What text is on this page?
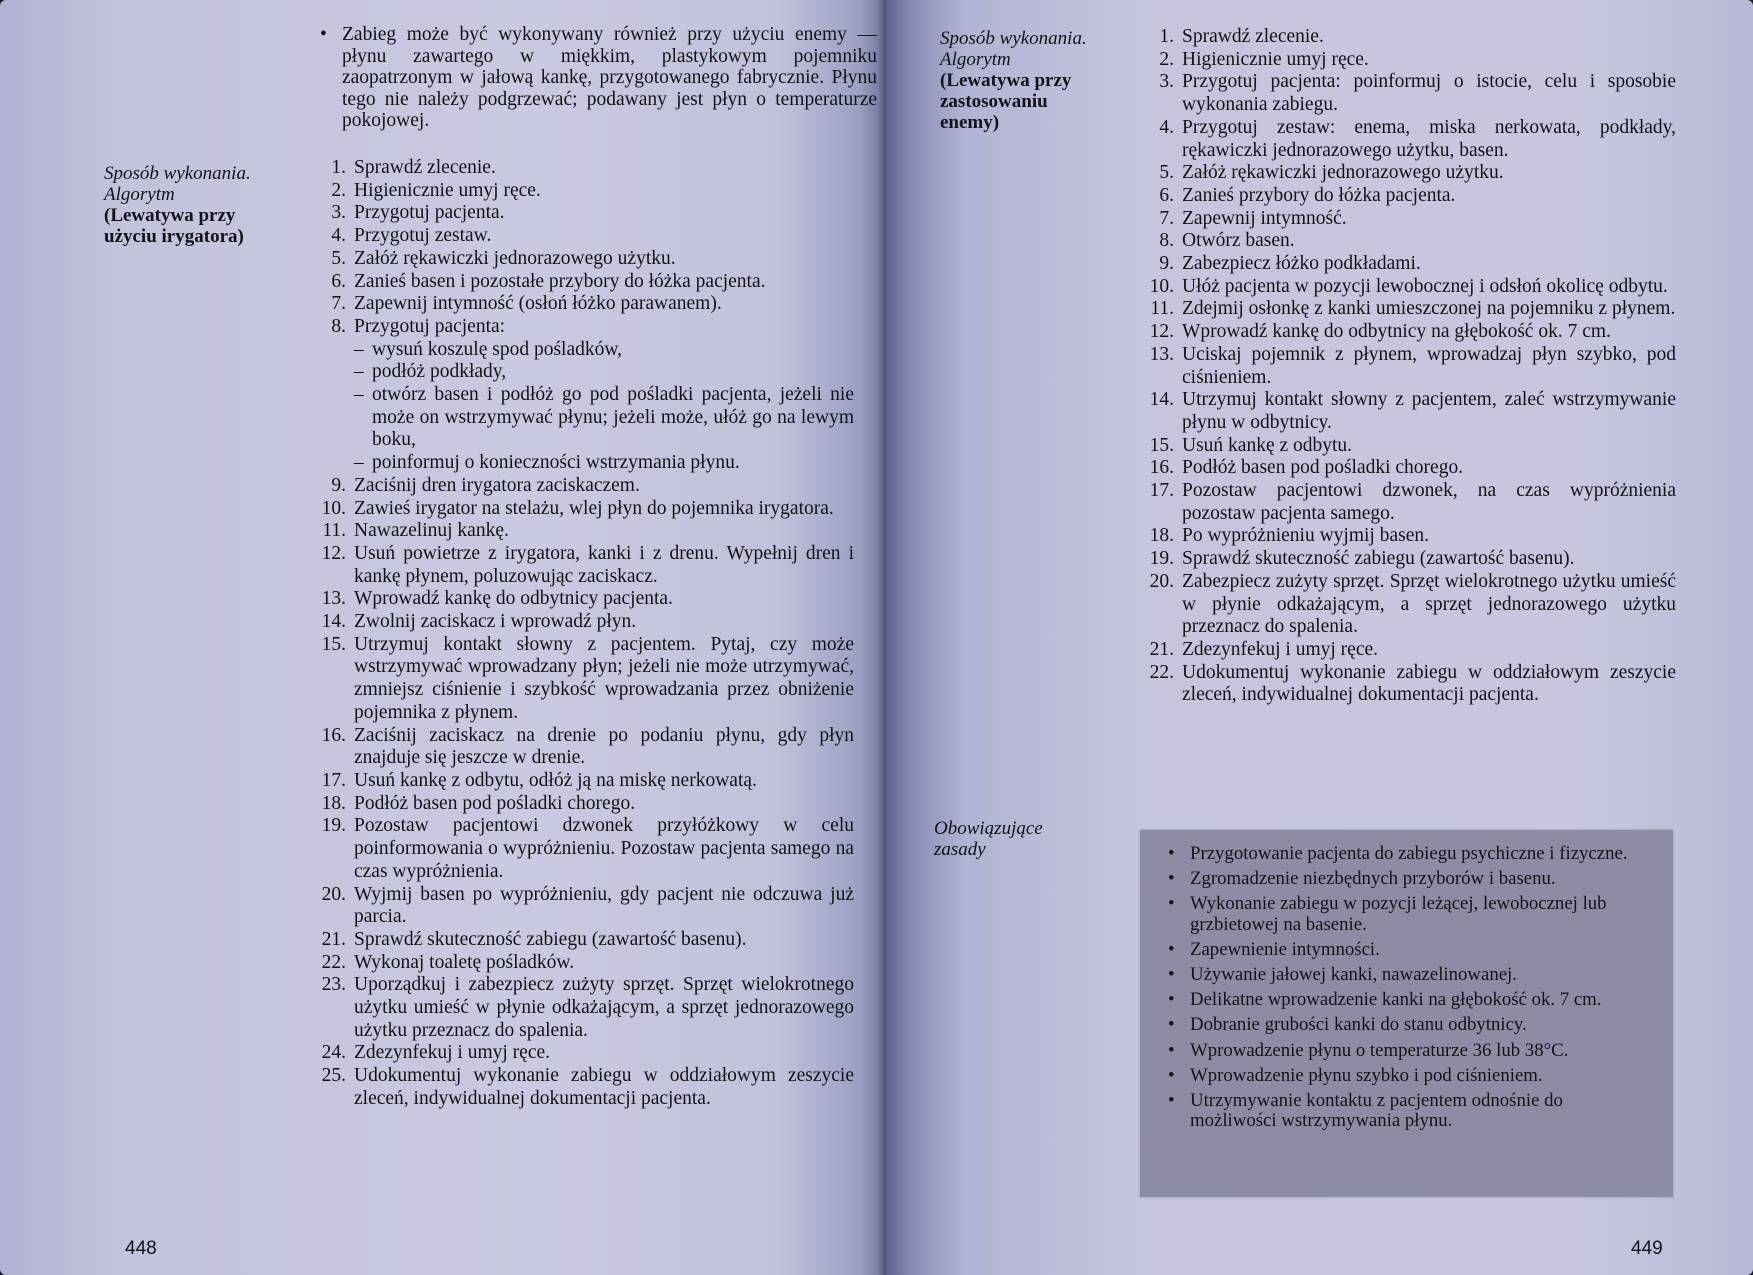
• Zabieg może być wykonywany również przy użyciu enemy — płynu zawartego w miękkim, plastykowym pojemniku zaopatrzonym w jałową kankę, przygotowanego fabrycznie. Płynu tego nie należy podgrzewać; podawany jest płyn o temperaturze pokojowej.
Sposób wykonania.
Algorytm
(Lewatywa przy
użyciu irygatora)
1. Sprawdź zlecenie.
2. Higienicznie umyj ręce.
3. Przygotuj pacjenta.
4. Przygotuj zestaw.
5. Załóż rękawiczki jednorazowego użytku.
6. Zanieś basen i pozostałe przybory do łóżka pacjenta.
7. Zapewnij intymność (osłoń łóżko parawanem).
8. Przygotuj pacjenta:
– wysuń koszulę spod pośladków,
– podłóż podkłady,
– otwórz basen i podłóż go pod pośladki pacjenta, jeżeli nie może on wstrzymywać płynu; jeżeli może, ułóż go na lewym boku,
– poinformuj o konieczności wstrzymania płynu.
9. Zaciśnij dren irygatora zaciskaczem.
10. Zawieś irygator na stelażu, wlej płyn do pojemnika irygatora.
11. Nawazelinuj kankę.
12. Usuń powietrze z irygatora, kanki i z drenu. Wypełnij dren i kankę płynem, poluzowując zaciskacz.
13. Wprowadź kankę do odbytnicy pacjenta.
14. Zwolnij zaciskacz i wprowadź płyn.
15. Utrzymuj kontakt słowny z pacjentem. Pytaj, czy może wstrzymywać wprowadzany płyn; jeżeli nie może utrzymywać, zmniejsz ciśnienie i szybkość wprowadzania przez obniżenie pojemnika z płynem.
16. Zaciśnij zaciskacz na drenie po podaniu płynu, gdy płyn znajduje się jeszcze w drenie.
17. Usuń kankę z odbytu, odłóż ją na miskę nerkowatą.
18. Podłóż basen pod pośladki chorego.
19. Pozostaw pacjentowi dzwonek przyłóżkowy w celu poinformowania o wypróżnieniu. Pozostaw pacjenta samego na czas wypróżnienia.
20. Wyjmij basen po wypróżnieniu, gdy pacjent nie odczuwa już parcia.
21. Sprawdź skuteczność zabiegu (zawartość basenu).
22. Wykonaj toaletę pośladków.
23. Uporządkuj i zabezpiecz zużyty sprzęt. Sprzęt wielokrotnego użytku umieść w płynie odkażającym, a sprzęt jednorazowego użytku przeznacz do spalenia.
24. Zdezynfekuj i umyj ręce.
25. Udokumentuj wykonanie zabiegu w oddziałowym zeszycie zleceń, indywidualnej dokumentacji pacjenta.
448
Sposób wykonania.
Algorytm
(Lewatywa przy
zastosowaniu
enemy)
1. Sprawdź zlecenie.
2. Higienicznie umyj ręce.
3. Przygotuj pacjenta: poinformuj o istocie, celu i sposobie wykonania zabiegu.
4. Przygotuj zestaw: enema, miska nerkowata, podkłady, rękawiczki jednorazowego użytku, basen.
5. Załóż rękawiczki jednorazowego użytku.
6. Zanieś przybory do łóżka pacjenta.
7. Zapewnij intymność.
8. Otwórz basen.
9. Zabezpiecz łóżko podkładami.
10. Ułóż pacjenta w pozycji lewobocznej i odsłoń okolicę odbytu.
11. Zdejmij osłonkę z kanki umieszczonej na pojemniku z płynem.
12. Wprowadź kankę do odbytnicy na głębokość ok. 7 cm.
13. Uciskaj pojemnik z płynem, wprowadzaj płyn szybko, pod ciśnieniem.
14. Utrzymuj kontakt słowny z pacjentem, zaleć wstrzymywanie płynu w odbytnicy.
15. Usuń kankę z odbytu.
16. Podłóż basen pod pośladki chorego.
17. Pozostaw pacjentowi dzwonek, na czas wypróżnienia pozostaw pacjenta samego.
18. Po wypróżnieniu wyjmij basen.
19. Sprawdź skuteczność zabiegu (zawartość basenu).
20. Zabezpiecz zużyty sprzęt. Sprzęt wielokrotnego użytku umieść w płynie odkażającym, a sprzęt jednorazowego użytku przeznacz do spalenia.
21. Zdezynfekuj i umyj ręce.
22. Udokumentuj wykonanie zabiegu w oddziałowym zeszycie zleceń, indywidualnej dokumentacji pacjenta.
Obowiązujące
zasady
449
• Przygotowanie pacjenta do zabiegu psychiczne i fizyczne.
• Zgromadzenie niezbędnych przyborów i basenu.
• Wykonanie zabiegu w pozycji leżącej, lewobocznej lub grzbietowej na basenie.
• Zapewnienie intymności.
• Używanie jałowej kanki, nawazelinowanej.
• Delikatne wprowadzenie kanki na głębokość ok. 7 cm.
• Dobranie grubości kanki do stanu odbytnicy.
• Wprowadzenie płynu o temperaturze 36 lub 38°C.
• Wprowadzenie płynu szybko i pod ciśnieniem.
• Utrzymywanie kontaktu z pacjentem odnośnie do możliwości wstrzymywania płynu.
